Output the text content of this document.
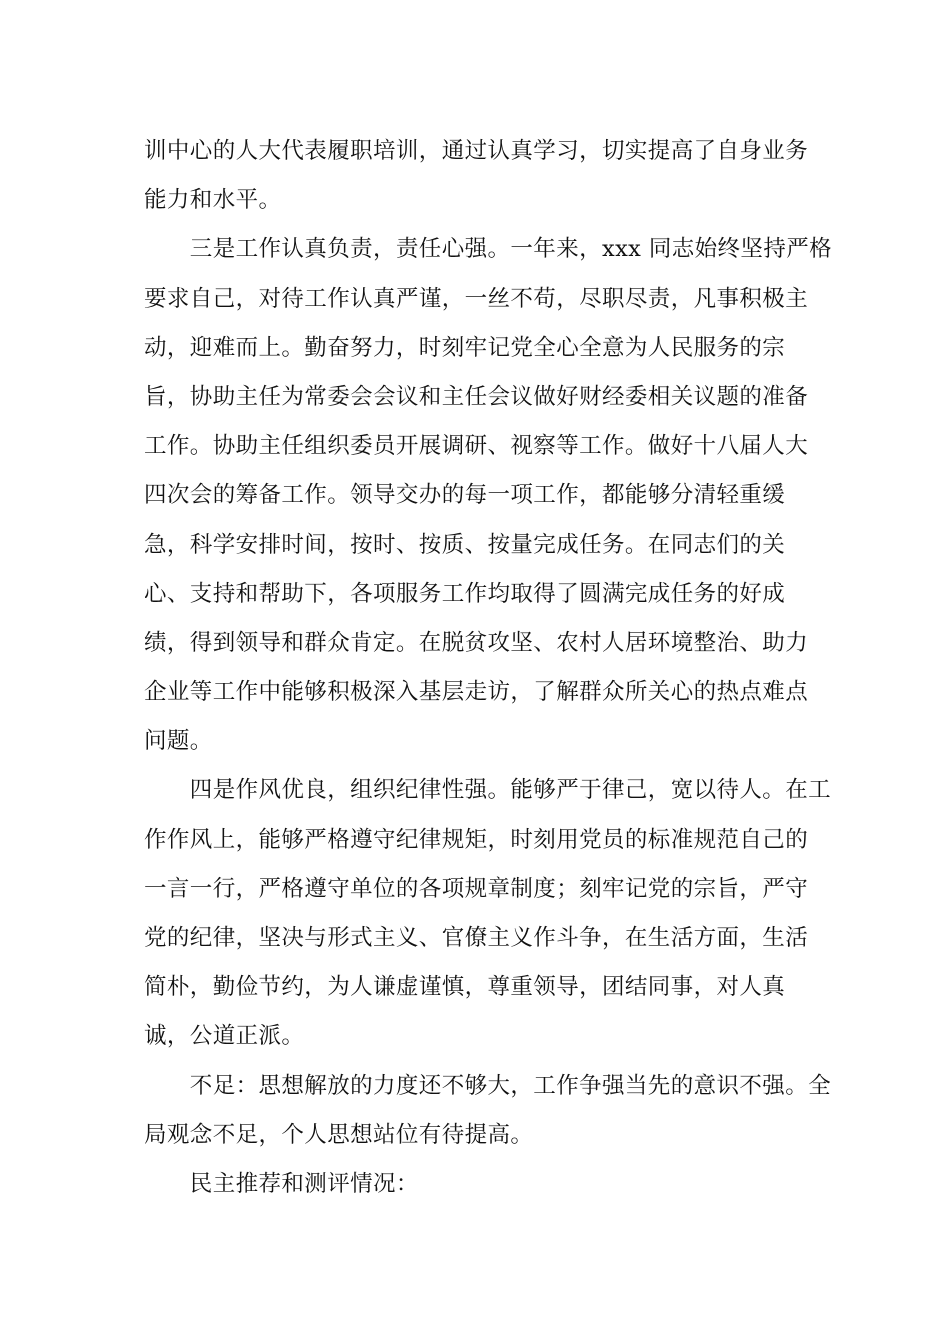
训中心的人大代表履职培训，通过认真学习，切实提高了自身业务
能力和水平。
　　三是工作认真负责，责任心强。一年来，xxx 同志始终坚持严格
要求自己，对待工作认真严谨，一丝不苟，尽职尽责，凡事积极主
动，迎难而上。勤奋努力，时刻牢记党全心全意为人民服务的宗
旨，协助主任为常委会会议和主任会议做好财经委相关议题的准备
工作。协助主任组织委员开展调研、视察等工作。做好十八届人大
四次会的筹备工作。领导交办的每一项工作，都能够分清轻重缓
急，科学安排时间，按时、按质、按量完成任务。在同志们的关
心、支持和帮助下，各项服务工作均取得了圆满完成任务的好成
绩，得到领导和群众肯定。在脱贫攻坚、农村人居环境整治、助力
企业等工作中能够积极深入基层走访，了解群众所关心的热点难点
问题。
　　四是作风优良，组织纪律性强。能够严于律己，宽以待人。在工
作作风上，能够严格遵守纪律规矩，时刻用党员的标准规范自己的
一言一行，严格遵守单位的各项规章制度；刻牢记党的宗旨，严守
党的纪律，坚决与形式主义、官僚主义作斗争，在生活方面，生活
简朴，勤俭节约，为人谦虚谨慎，尊重领导，团结同事，对人真
诚，公道正派。
　　不足：思想解放的力度还不够大，工作争强当先的意识不强。全
局观念不足，个人思想站位有待提高。
　　民主推荐和测评情况：
